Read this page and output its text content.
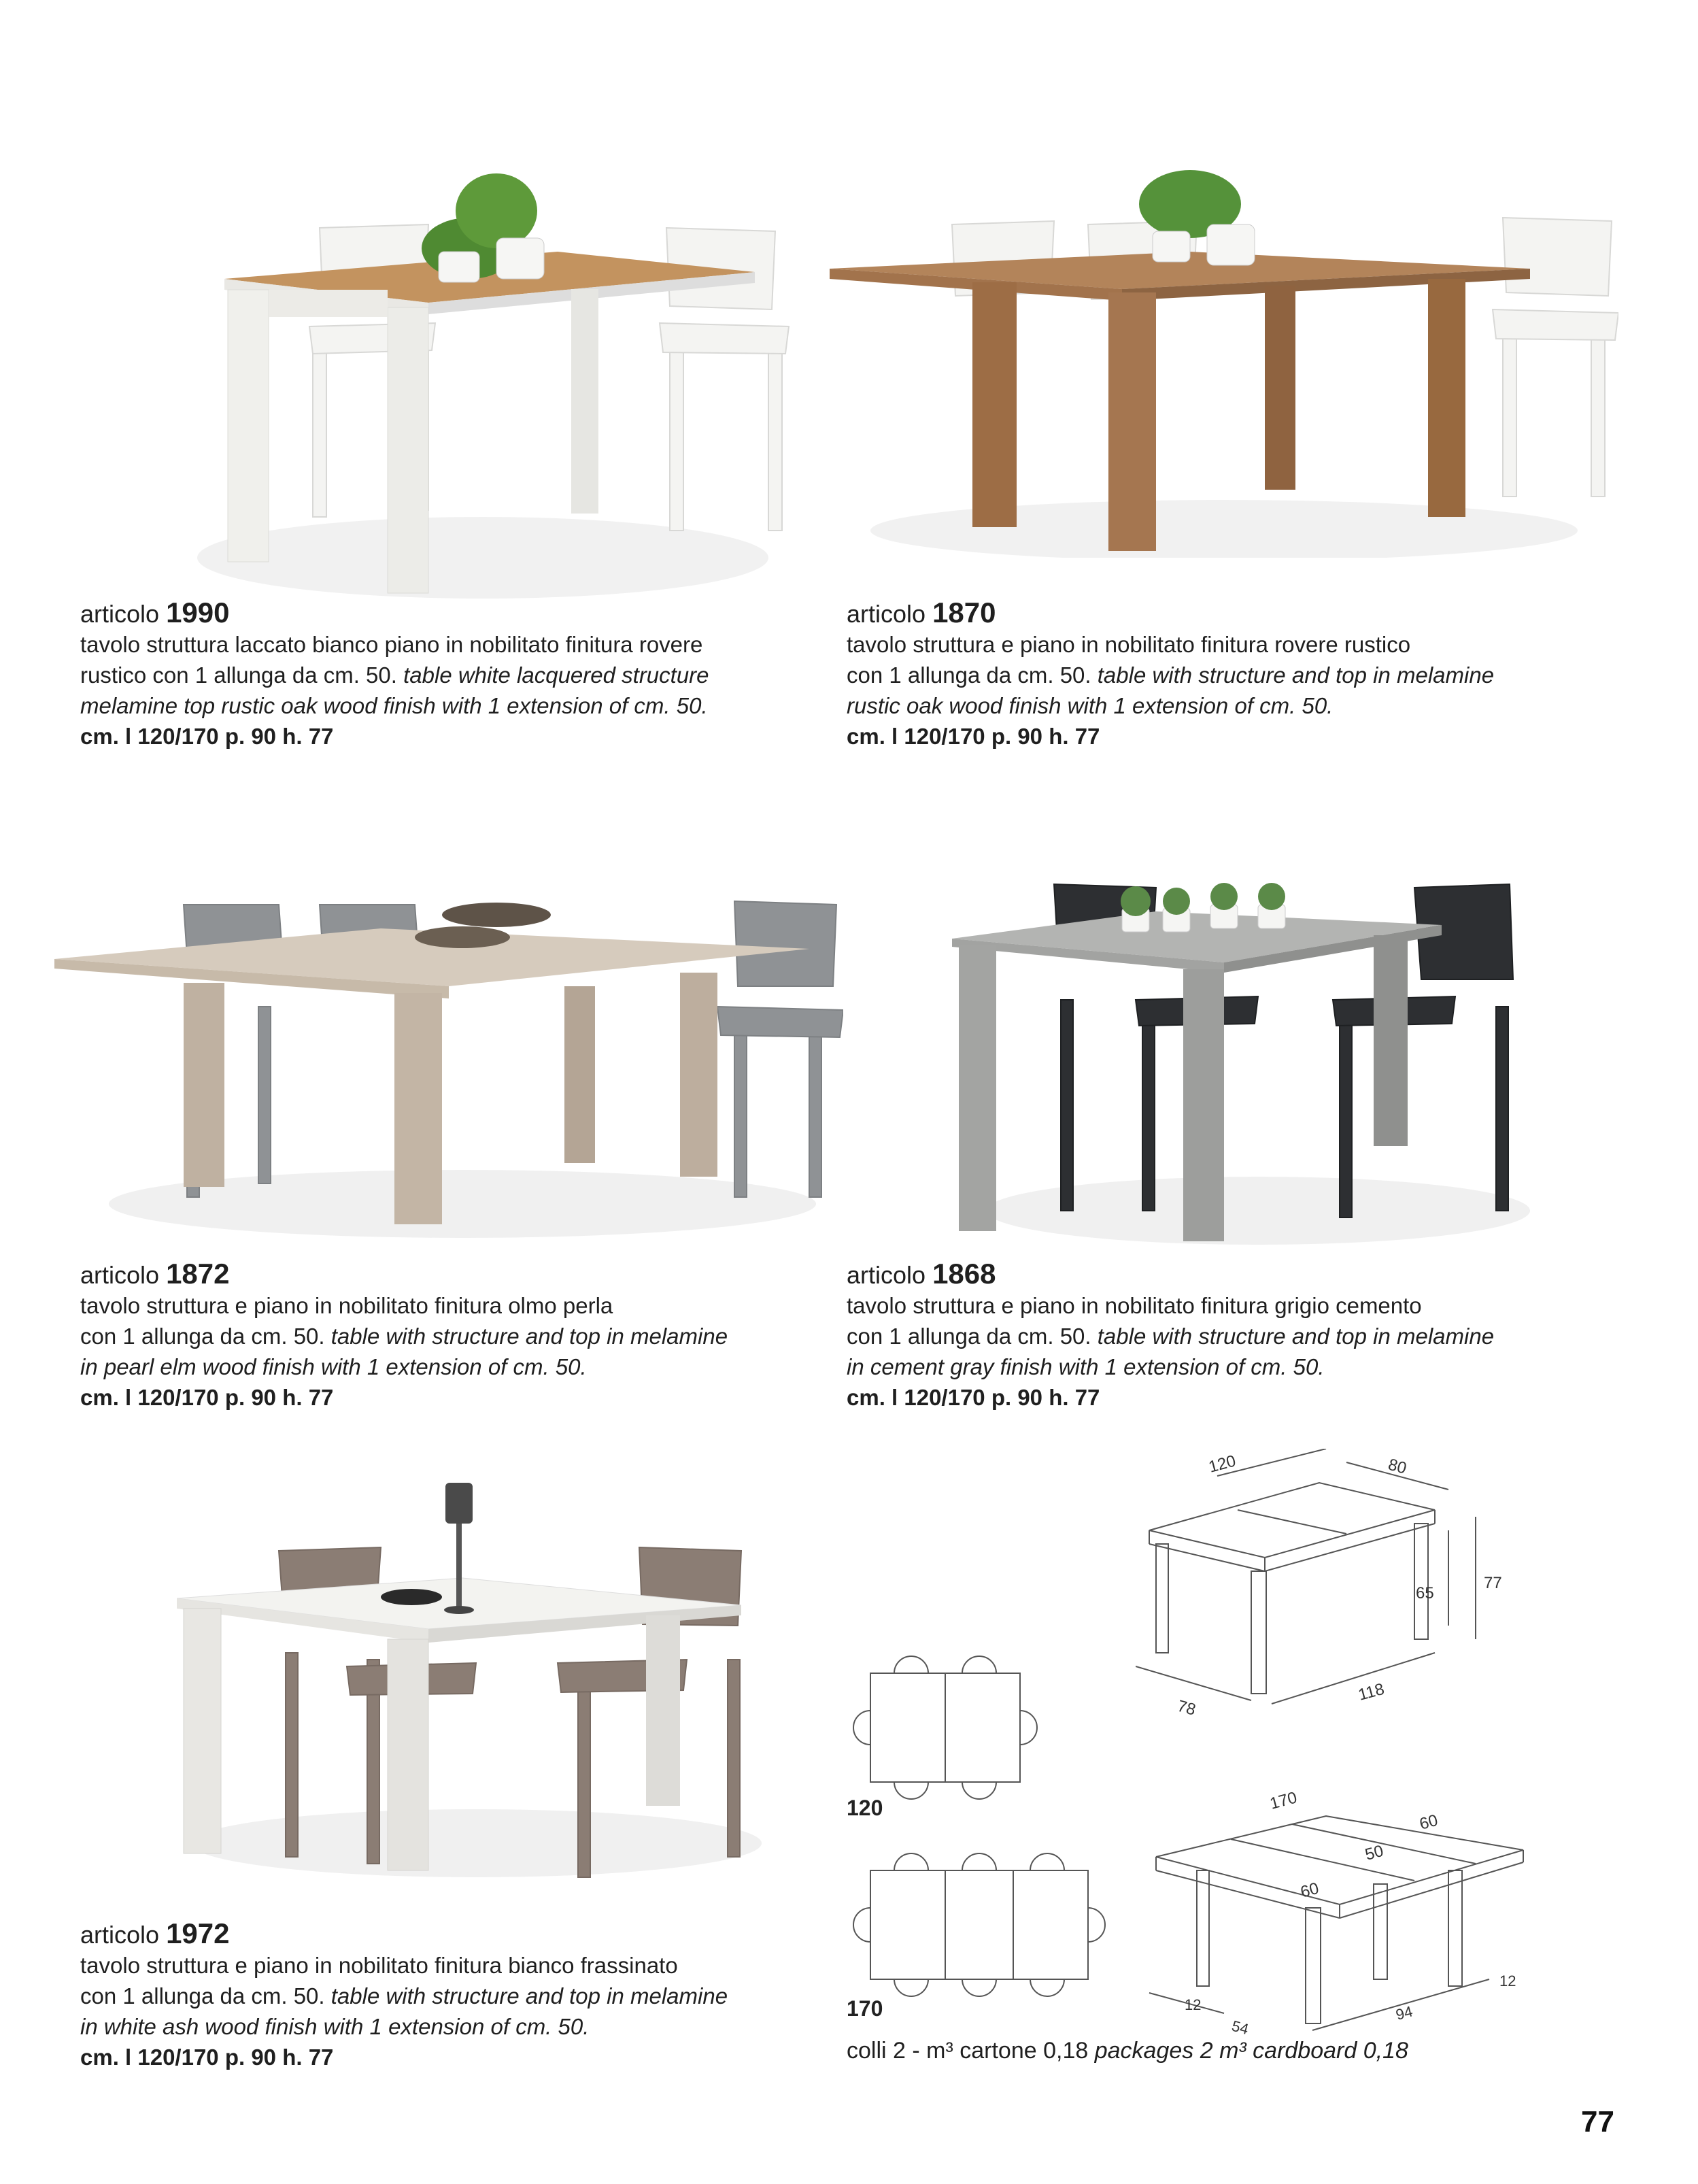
articolo 1990
tavolo struttura laccato bianco piano in nobilitato finitura rovere
rustico con 1 allunga da cm. 50. table white lacquered structure
melamine top rustic oak wood finish with 1 extension of cm. 50.
cm. l 120/170 p. 90 h. 77
articolo 1870
tavolo struttura e piano in nobilitato finitura rovere rustico
con 1 allunga da cm. 50. table with structure and top in melamine
rustic oak wood finish with 1 extension of cm. 50.
cm. l 120/170 p. 90 h. 77
articolo 1872
tavolo struttura e piano in nobilitato finitura olmo perla
con 1 allunga da cm. 50. table with structure and top in melamine
in pearl elm wood finish with 1 extension of cm. 50.
cm. l 120/170 p. 90 h. 77
articolo 1868
tavolo struttura e piano in nobilitato finitura grigio cemento
con 1 allunga da cm. 50. table with structure and top in melamine
in cement gray finish with 1 extension of cm. 50.
cm. l 120/170 p. 90 h. 77
articolo 1972
tavolo struttura e piano in nobilitato finitura bianco frassinato
con 1 allunga da cm. 50. table with structure and top in melamine
in white ash wood finish with 1 extension of cm. 50.
cm. l 120/170 p. 90 h. 77
120
170
120	80
77
65
118
78
170
60
50
60
12
54
94
12
colli 2 - m³ cartone 0,18 packages 2 m³ cardboard 0,18
77
